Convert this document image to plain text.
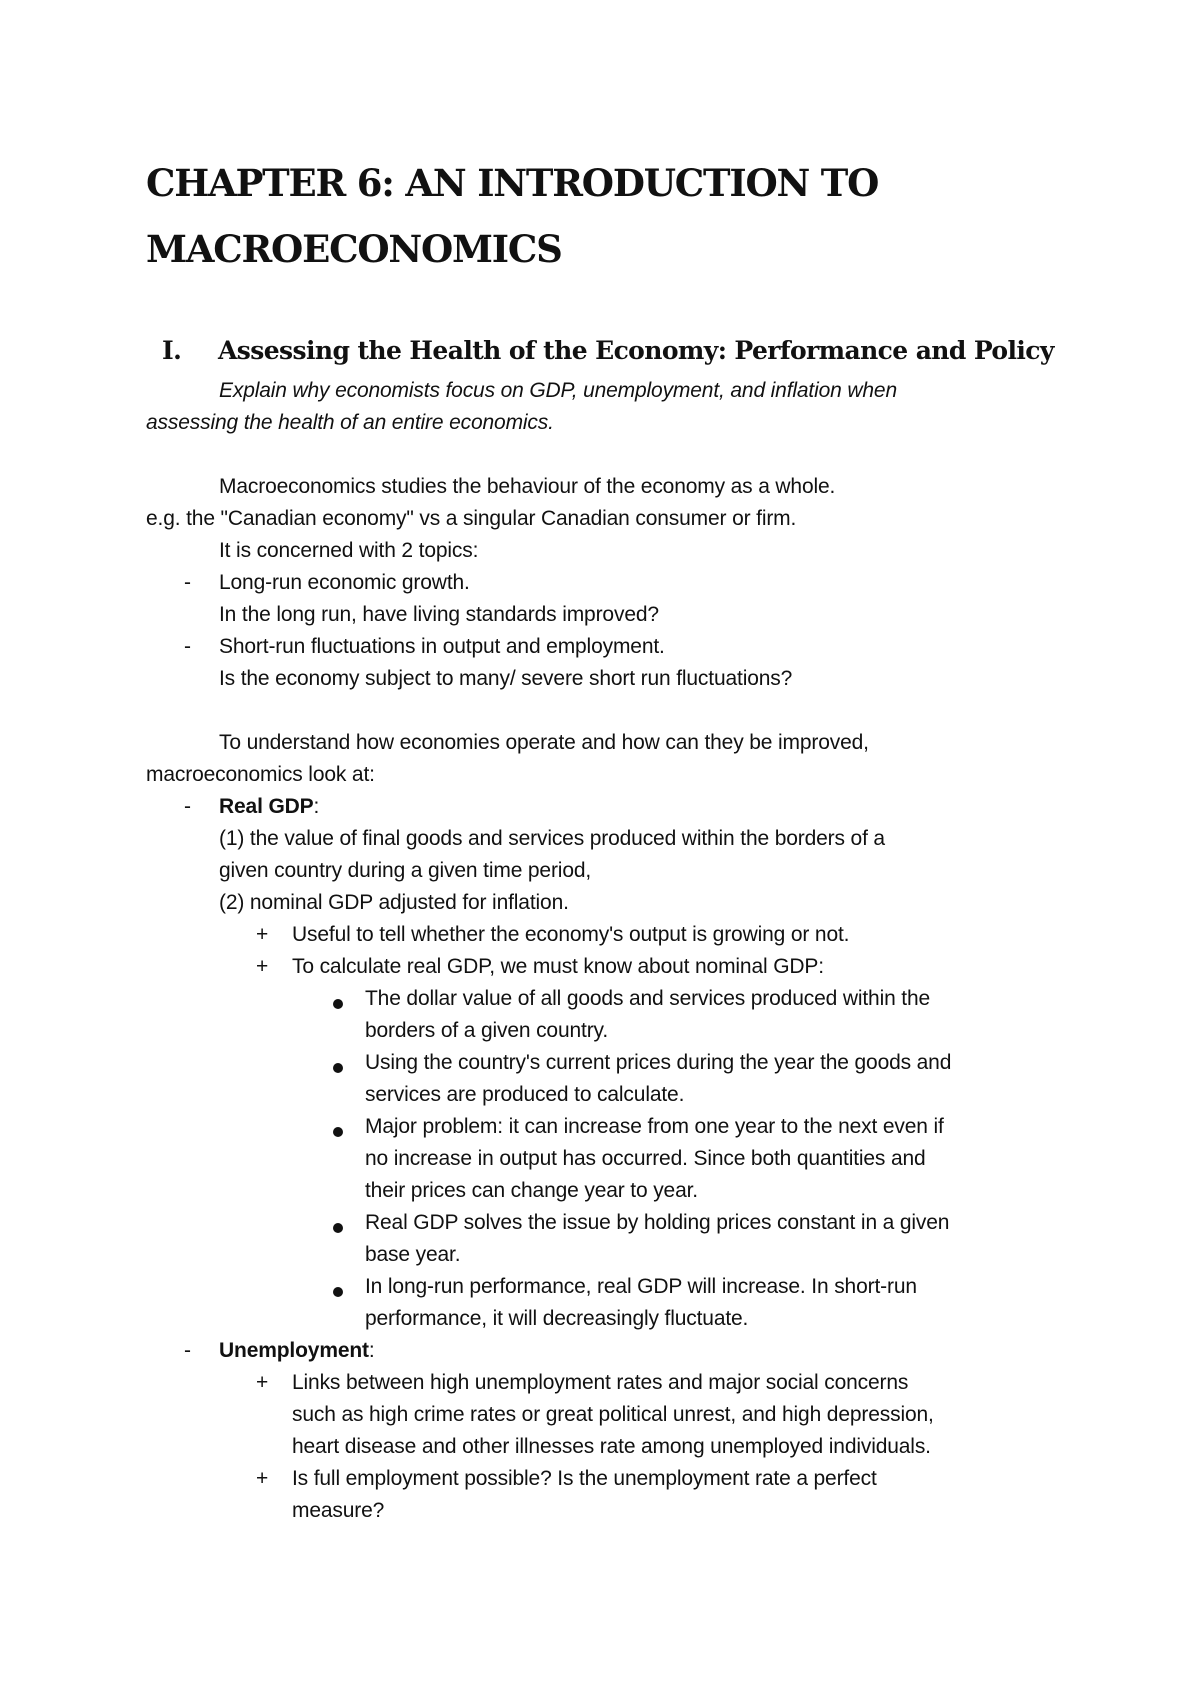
CHAPTER 6: AN INTRODUCTION TO
MACROECONOMICS
I. Assessing the Health of the Economy: Performance and Policy

Explain why economists focus on GDP, unemployment, and inflation when

assessing the health of an entire economics.

Macroeconomics studies the behaviour of the economy as a whole.

e.g. the "Canadian economy" vs a singular Canadian consumer or firm.

It is concerned with 2 topics:

- Long-run economic growth.

In the long run, have living standards improved?

- Short-run fluctuations in output and employment.

Is the economy subject to many/ severe short run fluctuations?

To understand how economies operate and how can they be improved,

macroeconomics look at:

- Real GDP:

(1) the value of final goods and services produced within the borders of a

given country during a given time period,

(2) nominal GDP adjusted for inflation.

+ Useful to tell whether the economy's output is growing or not.

+ To calculate real GDP, we must know about nominal GDP:

The dollar value of all goods and services produced within the

borders of a given country.

Using the country's current prices during the year the goods and

services are produced to calculate.

Major problem: it can increase from one year to the next even if

no increase in output has occurred. Since both quantities and

their prices can change year to year.

Real GDP solves the issue by holding prices constant in a given

base year.

In long-run performance, real GDP will increase. In short-run

performance, it will decreasingly fluctuate.

- Unemployment:

+ Links between high unemployment rates and major social concerns

such as high crime rates or great political unrest, and high depression,

heart disease and other illnesses rate among unemployed individuals.

+ Is full employment possible? Is the unemployment rate a perfect

measure?
